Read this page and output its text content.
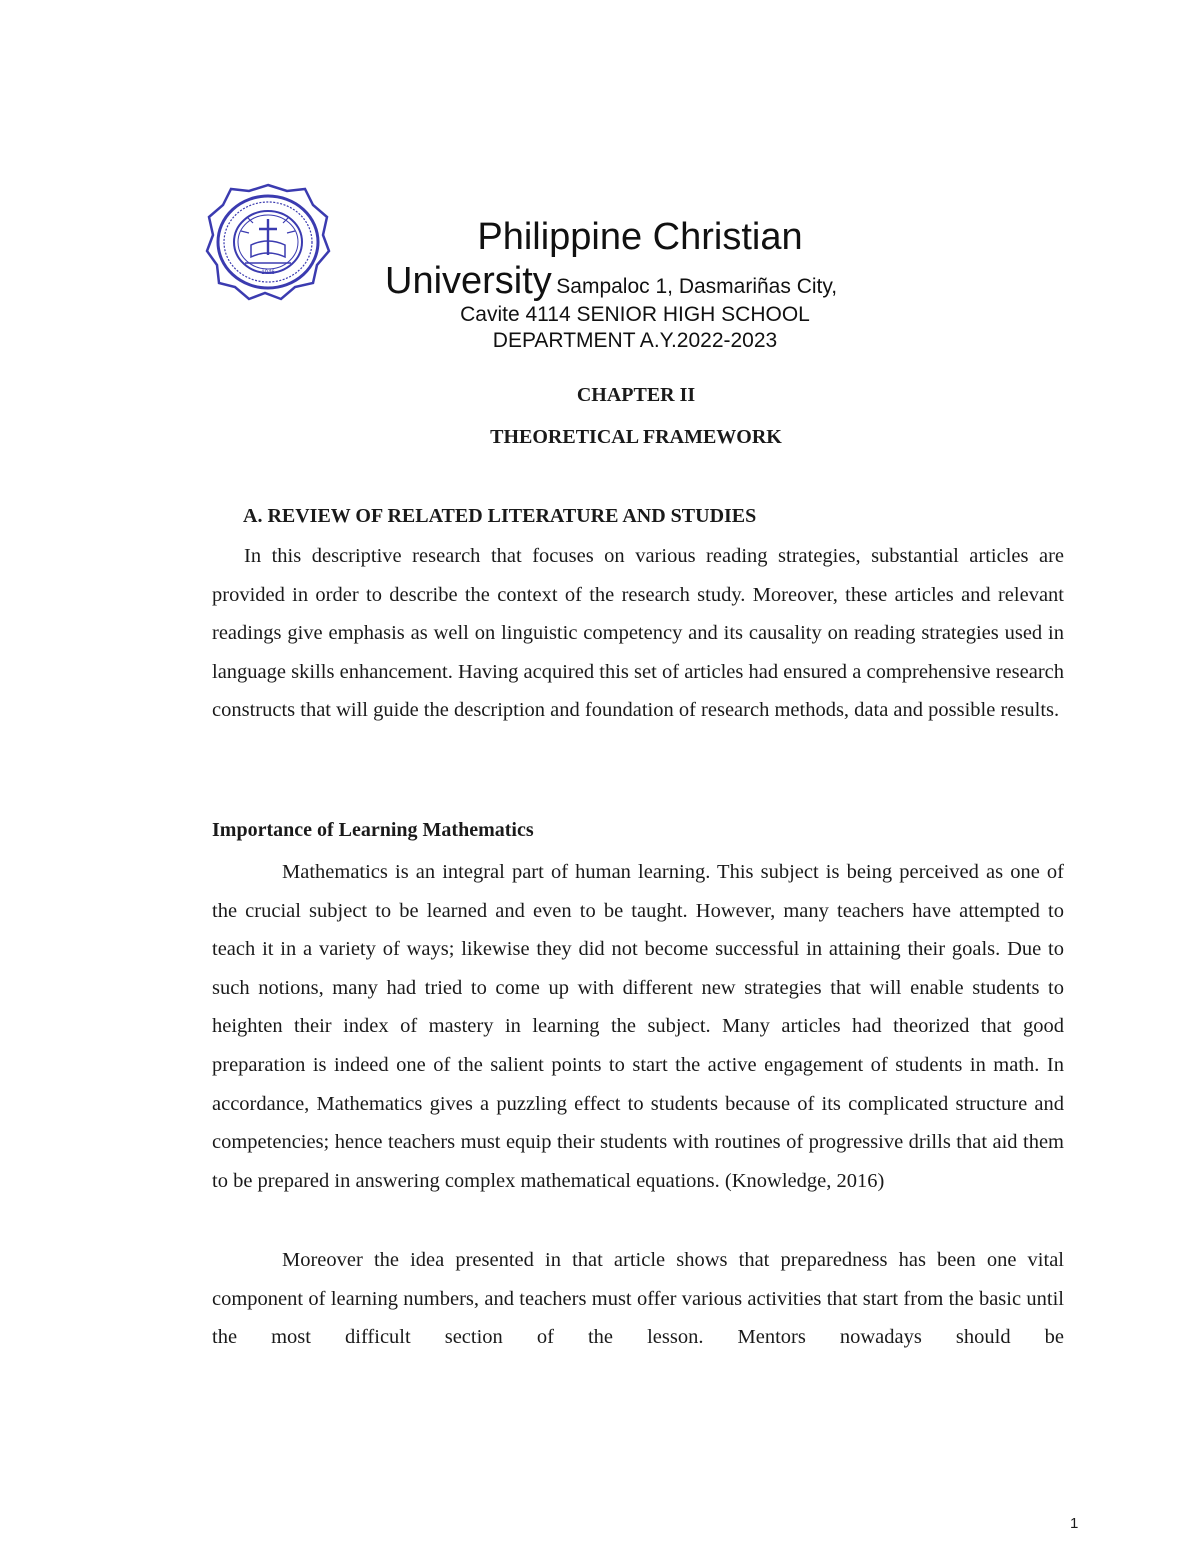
1946
Philippine Christian
University Sampaloc 1, Dasmariñas City,
Cavite 4114 SENIOR HIGH SCHOOL
DEPARTMENT A.Y.2022-2023
CHAPTER II
THEORETICAL FRAMEWORK
A. REVIEW OF RELATED LITERATURE AND STUDIES

In this descriptive research that focuses on various reading strategies, substantial articles are provided in order to describe the context of the research study. Moreover, these articles and relevant readings give emphasis as well on linguistic competency and its causality on reading strategies used in language skills enhancement. Having acquired this set of articles had ensured a comprehensive research constructs that will guide the description and foundation of research methods, data and possible results.

Importance of Learning Mathematics

Mathematics is an integral part of human learning. This subject is being perceived as one of the crucial subject to be learned and even to be taught. However, many teachers have attempted to teach it in a variety of ways; likewise they did not become successful in attaining their goals. Due to such notions, many had tried to come up with different new strategies that will enable students to heighten their index of mastery in learning the subject. Many articles had theorized that good preparation is indeed one of the salient points to start the active engagement of students in math. In accordance, Mathematics gives a puzzling effect to students because of its complicated structure and competencies; hence teachers must equip their students with routines of progressive drills that aid them to be prepared in answering complex mathematical equations. (Knowledge, 2016)

Moreover the idea presented in that article shows that preparedness has been one vital component of learning numbers, and teachers must offer various activities that start from the basic until the most difficult section of the lesson. Mentors nowadays should be

1
